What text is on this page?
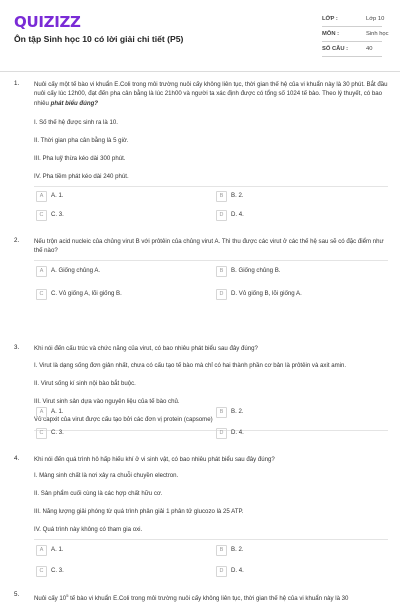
QUIZIZZ
Ôn tập Sinh học 10 có lời giải chi tiết (P5)
LỚP :	Lớp 10
MÔN :	Sinh học
SỐ CÂU :	40
1. Nuôi cấy một tế bào vi khuẩn E.Coli trong môi trường nuôi cấy không liên tục, thời gian thế hệ của vi khuẩn này là 30 phút. Bắt đầu nuôi cấy lúc 12h00, đạt đến pha cân bằng là lúc 21h00 và người ta xác định được có tổng số 1024 tế bào. Theo lý thuyết, có bao nhiêu phát biểu đúng?
I. Số thế hệ được sinh ra là 10.
II. Thời gian pha cân bằng là 5 giờ.
III. Pha luỹ thừa kéo dài 300 phút.
IV. Pha tiềm phát kéo dài 240 phút.
A	A. 1.	B	B. 2.
C	C. 3.	D	D. 4.
2. Nếu trộn acid nucleic của chủng virut B với prôtêin của chủng virut A. Thì thu được các virut ở các thế hệ sau sẽ có đặc điểm như thế nào?
A	A. Giống chủng A.	B	B. Giống chủng B.
C	C. Vỏ giống A, lõi giống B.	D	D. Vỏ giống B, lõi giống A.
3. Khi nói đến cấu trúc và chức năng của virut, có bao nhiêu phát biểu sau đây đúng?
I. Virut là dạng sống đơn giản nhất, chưa có cấu tạo tế bào mà chỉ có hai thành phần cơ bản là prôtêin và axit amin.
II. Virut sống kí sinh nội bào bắt buộc.
III. Virut sinh sản dựa vào nguyên liệu của tế bào chủ.
Vỏ capxit của virut được cấu tạo bởi các đơn vị protein (capsome)
A	A. 1.	B	B. 2.
C	C. 3.	D	D. 4.
4. Khi nói đến quá trình hô hấp hiếu khí ở vi sinh vật, có bao nhiêu phát biểu sau đây đúng?
I. Màng sinh chất là nơi xảy ra chuỗi chuyền electron.
II. Sản phẩm cuối cùng là các hợp chất hữu cơ.
III. Năng lượng giải phóng từ quá trình phân giải 1 phân tử glucozo là 25 ATP.
IV. Quá trình này không có tham gia oxi.
A	A. 1.	B	B. 2.
C	C. 3.	D	D. 4.
5.
Nuôi cấy $10^5$ tế bào vi khuẩn E.Coli trong môi trường nuôi cấy không liên tục, thời gian thế hệ của vi khuẩn này là 30
